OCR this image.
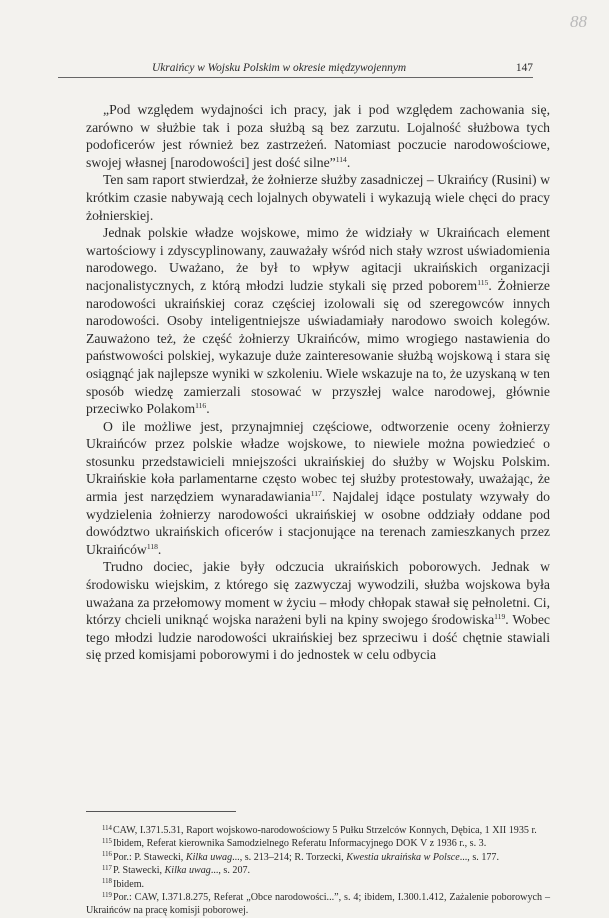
88
Ukraińcy w Wojsku Polskim w okresie międzywojennym	147

„Pod względem wydajności ich pracy, jak i pod względem zachowania się, zarówno w służbie tak i poza służbą są bez zarzutu. Lojalność służbowa tych podoficerów jest również bez zastrzeżeń. Natomiast poczucie narodowościowe, swojej własnej [narodowości] jest dość silne”$^{114}$.

Ten sam raport stwierdzał, że żołnierze służby zasadniczej – Ukraińcy (Rusini) w krótkim czasie nabywają cech lojalnych obywateli i wykazują wiele chęci do pracy żołnierskiej.

Jednak polskie władze wojskowe, mimo że widziały w Ukraińcach element wartościowy i zdyscyplinowany, zauważały wśród nich stały wzrost uświadomienia narodowego. Uważano, że był to wpływ agitacji ukraińskich organizacji nacjonalistycznych, z którą młodzi ludzie stykali się przed poborem$^{115}$. Żołnierze narodowości ukraińskiej coraz częściej izolowali się od szeregowców innych narodowości. Osoby inteligentniejsze uświadamiały narodowo swoich kolegów. Zauważono też, że część żołnierzy Ukraińców, mimo wrogiego nastawienia do państwowości polskiej, wykazuje duże zainteresowanie służbą wojskową i stara się osiągnąć jak najlepsze wyniki w szkoleniu. Wiele wskazuje na to, że uzyskaną w ten sposób wiedzę zamierzali stosować w przyszłej walce narodowej, głównie przeciwko Polakom$^{116}$.

O ile możliwe jest, przynajmniej częściowe, odtworzenie oceny żołnierzy Ukraińców przez polskie władze wojskowe, to niewiele można powiedzieć o stosunku przedstawicieli mniejszości ukraińskiej do służby w Wojsku Polskim. Ukraińskie koła parlamentarne często wobec tej służby protestowały, uważając, że armia jest narzędziem wynaradawiania$^{117}$. Najdalej idące postulaty wzywały do wydzielenia żołnierzy narodowości ukraińskiej w osobne oddziały oddane pod dowództwo ukraińskich oficerów i stacjonujące na terenach zamieszkanych przez Ukraińców$^{118}$.

Trudno dociec, jakie były odczucia ukraińskich poborowych. Jednak w środowisku wiejskim, z którego się zazwyczaj wywodzili, służba wojskowa była uważana za przełomowy moment w życiu – młody chłopak stawał się pełnoletni. Ci, którzy chcieli uniknąć wojska narażeni byli na kpiny swojego środowiska$^{119}$. Wobec tego młodzi ludzie narodowości ukraińskiej bez sprzeciwu i dość chętnie stawiali się przed komisjami poborowymi i do jednostek w celu odbycia

$^{114}$CAW, I.371.5.31, Raport wojskowo-narodowościowy 5 Pułku Strzelców Konnych, Dębica, 1 XII 1935 r.

$^{115}$Ibidem, Referat kierownika Samodzielnego Referatu Informacyjnego DOK V z 1936 r., s. 3.

$^{116}$Por.: P. Stawecki, Kilka uwag..., s. 213–214; R. Torzecki, Kwestia ukraińska w Polsce..., s. 177.

$^{117}$P. Stawecki, Kilka uwag..., s. 207.

$^{118}$Ibidem.

$^{119}$Por.: CAW, I.371.8.275, Referat „Obce narodowości...”, s. 4; ibidem, I.300.1.412, Zażalenie poborowych – Ukraińców na pracę komisji poborowej.
